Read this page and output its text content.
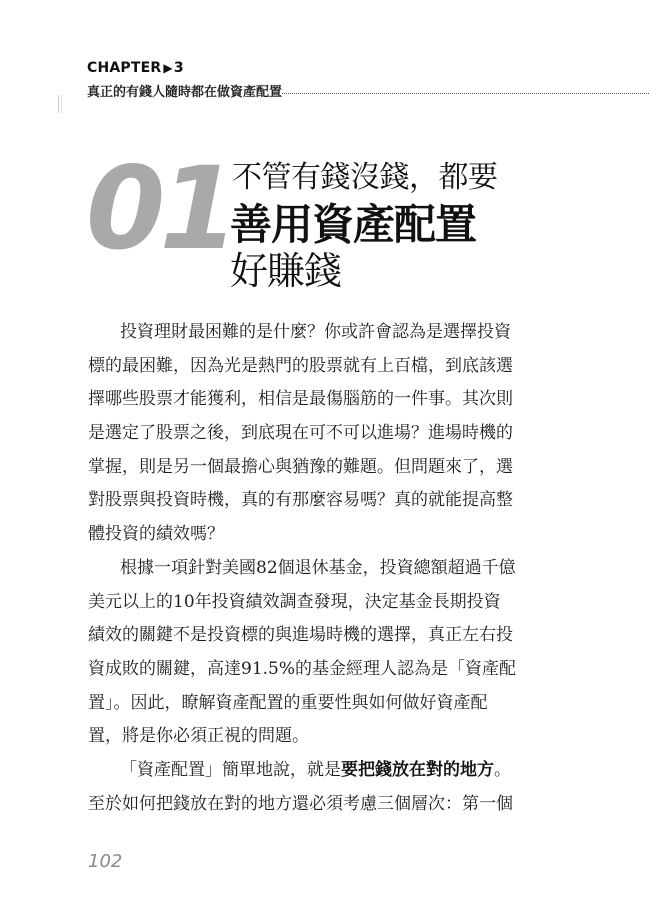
CHAPTER ▶ 3
真正的有錢人隨時都在做資產配置
01 不管有錢沒錢，都要
善用資產配置
好賺錢
投資理財最困難的是什麼？你或許會認為是選擇投資
標的最困難，因為光是熱門的股票就有上百檔，到底該選
擇哪些股票才能獲利，相信是最傷腦筋的一件事。其次則
是選定了股票之後，到底現在可不可以進場？進場時機的
掌握，則是另一個最擔心與猶豫的難題。但問題來了，選
對股票與投資時機，真的有那麼容易嗎？真的就能提高整
體投資的績效嗎？
根據一項針對美國82個退休基金，投資總額超過千億
美元以上的10年投資績效調查發現，決定基金長期投資
績效的關鍵不是投資標的與進場時機的選擇，真正左右投
資成敗的關鍵，高達91.5%的基金經理人認為是「資產配
置」。因此，瞭解資產配置的重要性與如何做好資產配
置，將是你必須正視的問題。
「資產配置」簡單地說，就是要把錢放在對的地方。
至於如何把錢放在對的地方還必須考慮三個層次：第一個
102
